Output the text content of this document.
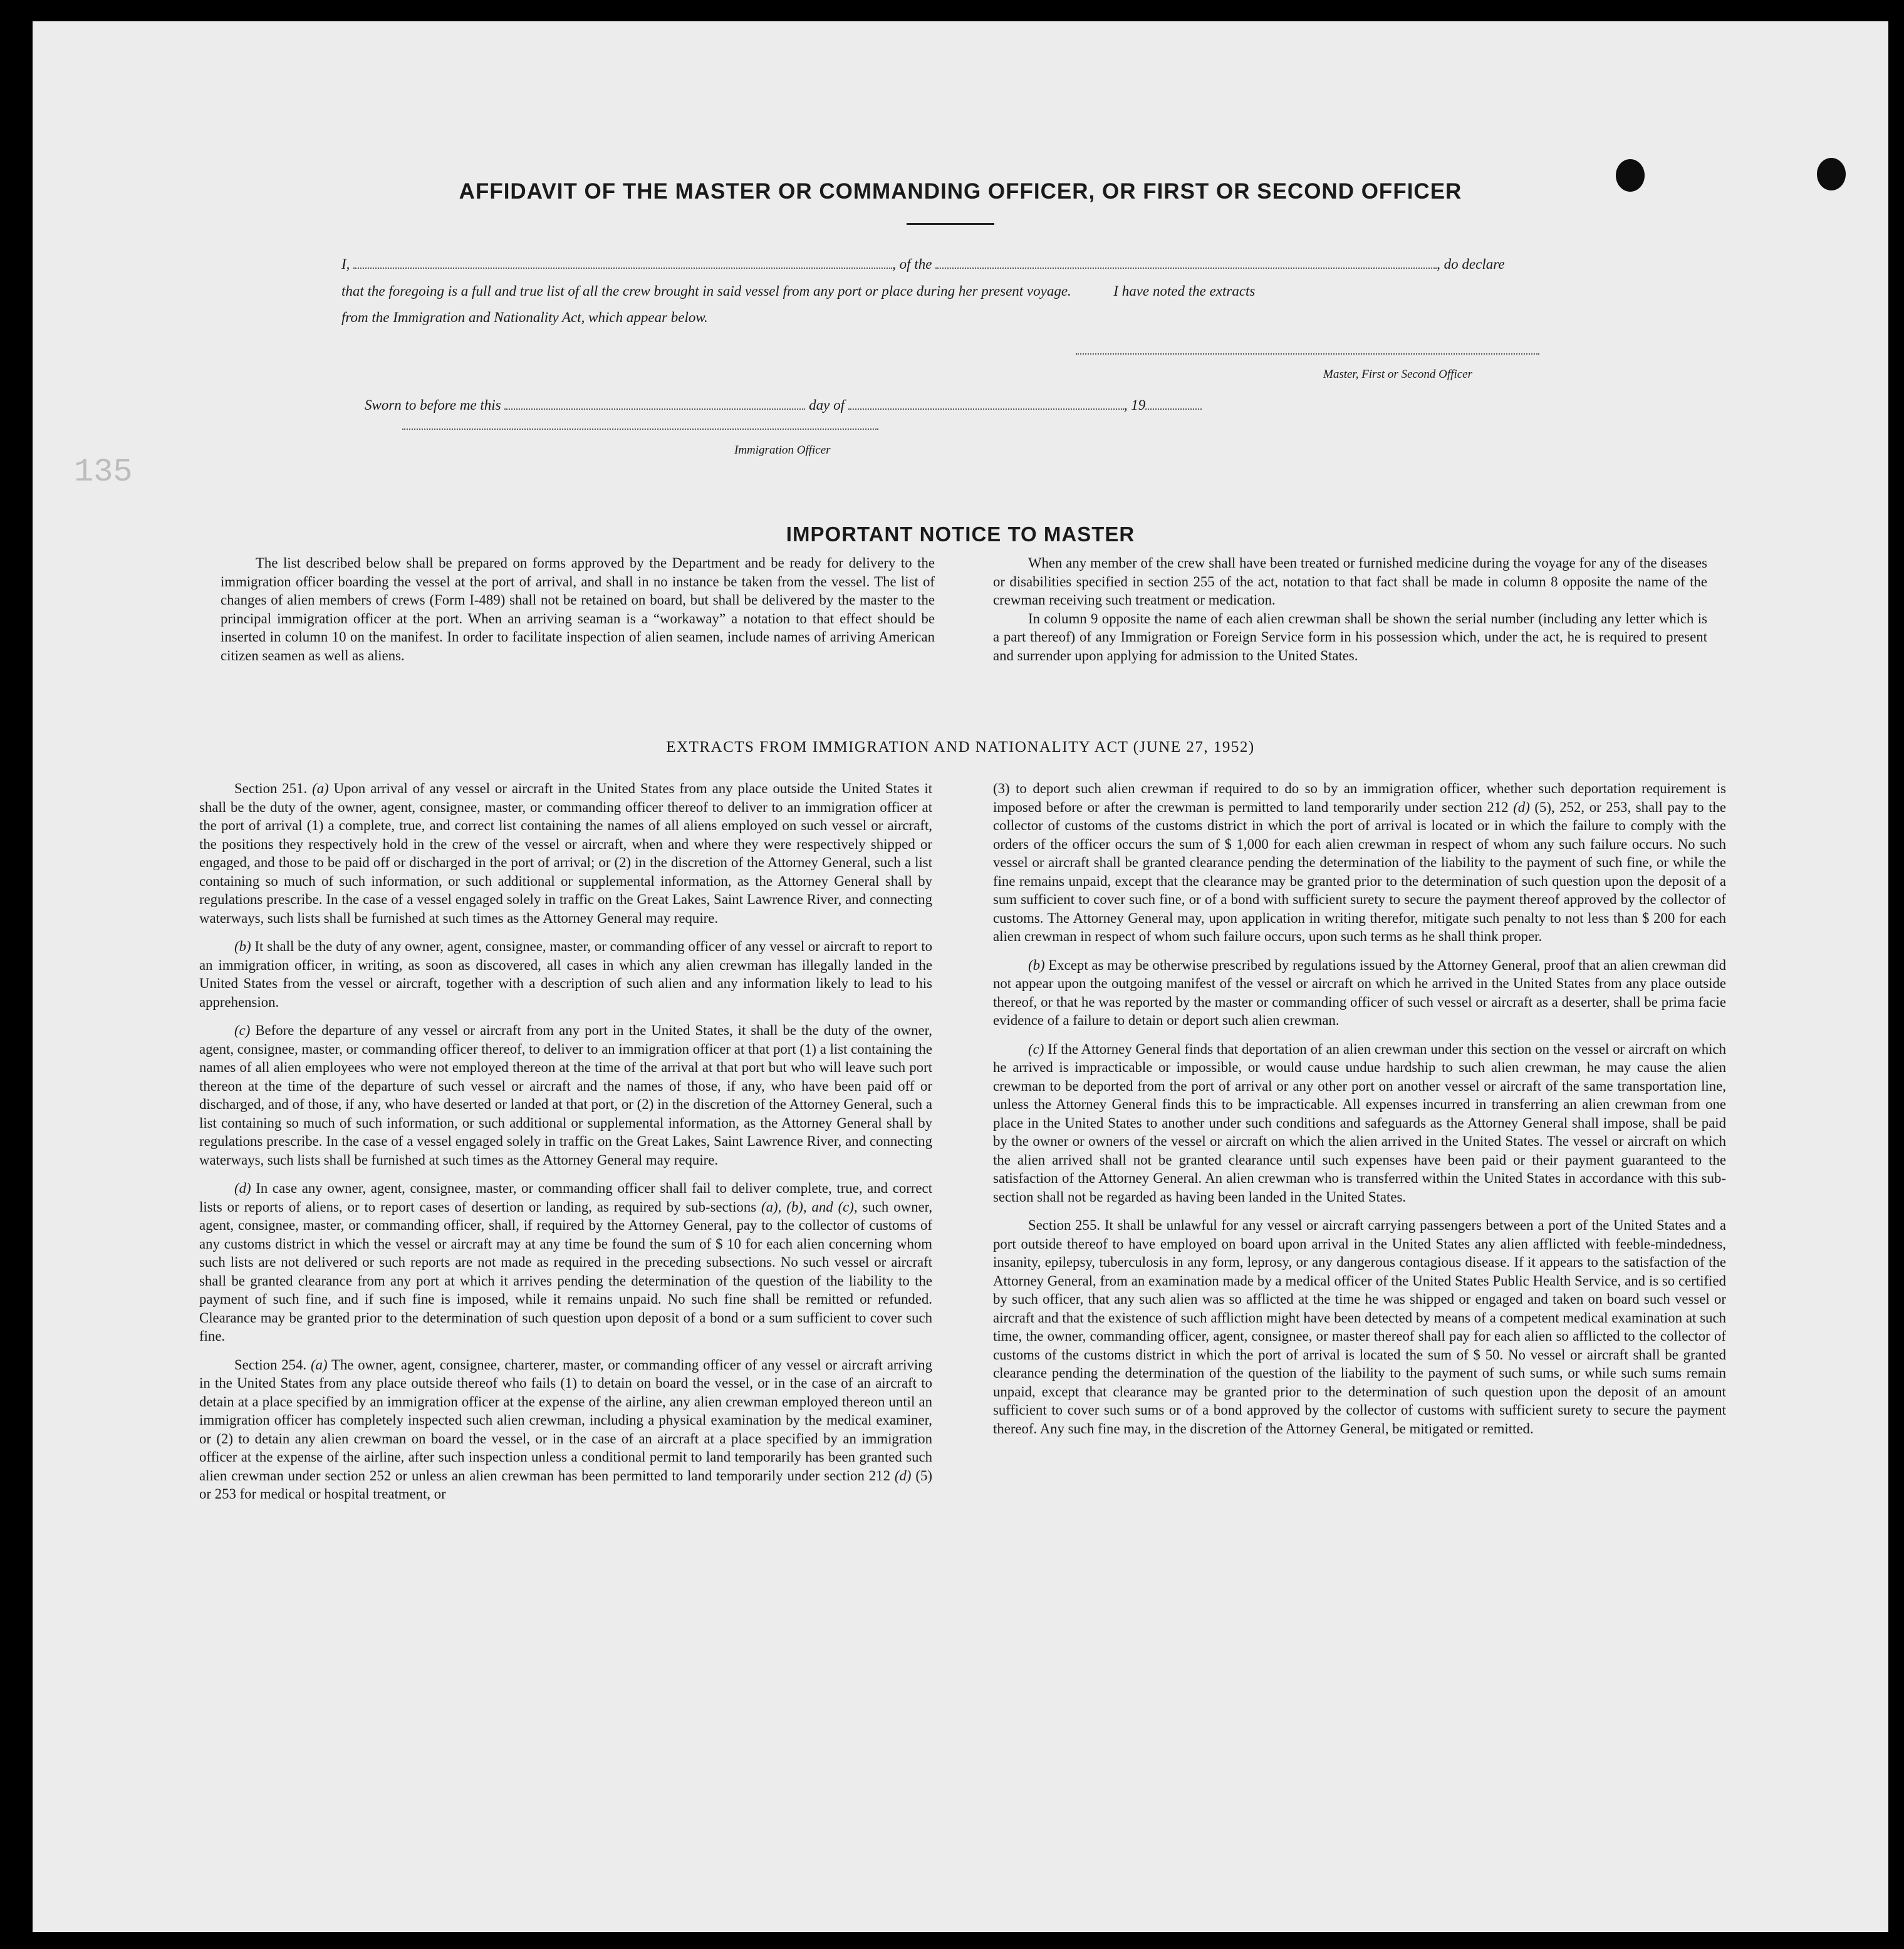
135
AFFIDAVIT OF THE MASTER OR COMMANDING OFFICER, OR FIRST OR SECOND OFFICER
I,	, of the	, do declare
that the foregoing is a full and true list of all the crew brought in said vessel from any port or place during her present voyage.	I have noted the extracts
from the Immigration and Nationality Act, which appear below.
Master, First or Second Officer
Sworn to before me this	day of	, 19
Immigration Officer
IMPORTANT NOTICE TO MASTER

The list described below shall be prepared on forms approved by the Department and be ready for delivery to the immigration officer boarding the vessel at the port of arrival, and shall in no instance be taken from the vessel. The list of changes of alien members of crews (Form I-489) shall not be retained on board, but shall be delivered by the master to the principal immigration officer at the port. When an arriving seaman is a “workaway” a notation to that effect should be inserted in column 10 on the manifest. In order to facilitate inspection of alien seamen, include names of arriving American citizen seamen as well as aliens.

When any member of the crew shall have been treated or furnished medicine during the voyage for any of the diseases or disabilities specified in section 255 of the act, notation to that fact shall be made in column 8 opposite the name of the crewman receiving such treatment or medication.

In column 9 opposite the name of each alien crewman shall be shown the serial number (including any letter which is a part thereof) of any Immigration or Foreign Service form in his possession which, under the act, he is required to present and surrender upon applying for admission to the United States.

EXTRACTS FROM IMMIGRATION AND NATIONALITY ACT (JUNE 27, 1952)

Section 251. (a) Upon arrival of any vessel or aircraft in the United States from any place outside the United States it shall be the duty of the owner, agent, consignee, master, or commanding officer thereof to deliver to an immigration officer at the port of arrival (1) a complete, true, and correct list containing the names of all aliens employed on such vessel or aircraft, the positions they respectively hold in the crew of the vessel or aircraft, when and where they were respectively shipped or engaged, and those to be paid off or discharged in the port of arrival; or (2) in the discretion of the Attorney General, such a list containing so much of such information, or such additional or supplemental information, as the Attorney General shall by regulations prescribe. In the case of a vessel engaged solely in traffic on the Great Lakes, Saint Lawrence River, and connecting waterways, such lists shall be furnished at such times as the Attorney General may require.

(b) It shall be the duty of any owner, agent, consignee, master, or commanding officer of any vessel or aircraft to report to an immigration officer, in writing, as soon as discovered, all cases in which any alien crewman has illegally landed in the United States from the vessel or aircraft, together with a description of such alien and any information likely to lead to his apprehension.

(c) Before the departure of any vessel or aircraft from any port in the United States, it shall be the duty of the owner, agent, consignee, master, or commanding officer thereof, to deliver to an immigration officer at that port (1) a list containing the names of all alien employees who were not employed thereon at the time of the arrival at that port but who will leave such port thereon at the time of the departure of such vessel or aircraft and the names of those, if any, who have been paid off or discharged, and of those, if any, who have deserted or landed at that port, or (2) in the discretion of the Attorney General, such a list containing so much of such information, or such additional or supplemental information, as the Attorney General shall by regulations prescribe. In the case of a vessel engaged solely in traffic on the Great Lakes, Saint Lawrence River, and connecting waterways, such lists shall be furnished at such times as the Attorney General may require.

(d) In case any owner, agent, consignee, master, or commanding officer shall fail to deliver complete, true, and correct lists or reports of aliens, or to report cases of desertion or landing, as required by sub-sections (a), (b), and (c), such owner, agent, consignee, master, or commanding officer, shall, if required by the Attorney General, pay to the collector of customs of any customs district in which the vessel or aircraft may at any time be found the sum of $ 10 for each alien concerning whom such lists are not delivered or such reports are not made as required in the preceding subsections. No such vessel or aircraft shall be granted clearance from any port at which it arrives pending the determination of the question of the liability to the payment of such fine, and if such fine is imposed, while it remains unpaid. No such fine shall be remitted or refunded. Clearance may be granted prior to the determination of such question upon deposit of a bond or a sum sufficient to cover such fine.

Section 254. (a) The owner, agent, consignee, charterer, master, or commanding officer of any vessel or aircraft arriving in the United States from any place outside thereof who fails (1) to detain on board the vessel, or in the case of an aircraft to detain at a place specified by an immigration officer at the expense of the airline, any alien crewman employed thereon until an immigration officer has completely inspected such alien crewman, including a physical examination by the medical examiner, or (2) to detain any alien crewman on board the vessel, or in the case of an aircraft at a place specified by an immigration officer at the expense of the airline, after such inspection unless a conditional permit to land temporarily has been granted such alien crewman under section 252 or unless an alien crewman has been permitted to land temporarily under section 212 (d) (5) or 253 for medical or hospital treatment, or

(3) to deport such alien crewman if required to do so by an immigration officer, whether such deportation requirement is imposed before or after the crewman is permitted to land temporarily under section 212 (d) (5), 252, or 253, shall pay to the collector of customs of the customs district in which the port of arrival is located or in which the failure to comply with the orders of the officer occurs the sum of $ 1,000 for each alien crewman in respect of whom any such failure occurs. No such vessel or aircraft shall be granted clearance pending the determination of the liability to the payment of such fine, or while the fine remains unpaid, except that the clearance may be granted prior to the determination of such question upon the deposit of a sum sufficient to cover such fine, or of a bond with sufficient surety to secure the payment thereof approved by the collector of customs. The Attorney General may, upon application in writing therefor, mitigate such penalty to not less than $ 200 for each alien crewman in respect of whom such failure occurs, upon such terms as he shall think proper.

(b) Except as may be otherwise prescribed by regulations issued by the Attorney General, proof that an alien crewman did not appear upon the outgoing manifest of the vessel or aircraft on which he arrived in the United States from any place outside thereof, or that he was reported by the master or commanding officer of such vessel or aircraft as a deserter, shall be prima facie evidence of a failure to detain or deport such alien crewman.

(c) If the Attorney General finds that deportation of an alien crewman under this section on the vessel or aircraft on which he arrived is impracticable or impossible, or would cause undue hardship to such alien crewman, he may cause the alien crewman to be deported from the port of arrival or any other port on another vessel or aircraft of the same transportation line, unless the Attorney General finds this to be impracticable. All expenses incurred in transferring an alien crewman from one place in the United States to another under such conditions and safeguards as the Attorney General shall impose, shall be paid by the owner or owners of the vessel or aircraft on which the alien arrived in the United States. The vessel or aircraft on which the alien arrived shall not be granted clearance until such expenses have been paid or their payment guaranteed to the satisfaction of the Attorney General. An alien crewman who is transferred within the United States in accordance with this sub-section shall not be regarded as having been landed in the United States.

Section 255. It shall be unlawful for any vessel or aircraft carrying passengers between a port of the United States and a port outside thereof to have employed on board upon arrival in the United States any alien afflicted with feeble-mindedness, insanity, epilepsy, tuberculosis in any form, leprosy, or any dangerous contagious disease. If it appears to the satisfaction of the Attorney General, from an examination made by a medical officer of the United States Public Health Service, and is so certified by such officer, that any such alien was so afflicted at the time he was shipped or engaged and taken on board such vessel or aircraft and that the existence of such affliction might have been detected by means of a competent medical examination at such time, the owner, commanding officer, agent, consignee, or master thereof shall pay for each alien so afflicted to the collector of customs of the customs district in which the port of arrival is located the sum of $ 50. No vessel or aircraft shall be granted clearance pending the determination of the question of the liability to the payment of such sums, or while such sums remain unpaid, except that clearance may be granted prior to the determination of such question upon the deposit of an amount sufficient to cover such sums or of a bond approved by the collector of customs with sufficient surety to secure the payment thereof. Any such fine may, in the discretion of the Attorney General, be mitigated or remitted.
